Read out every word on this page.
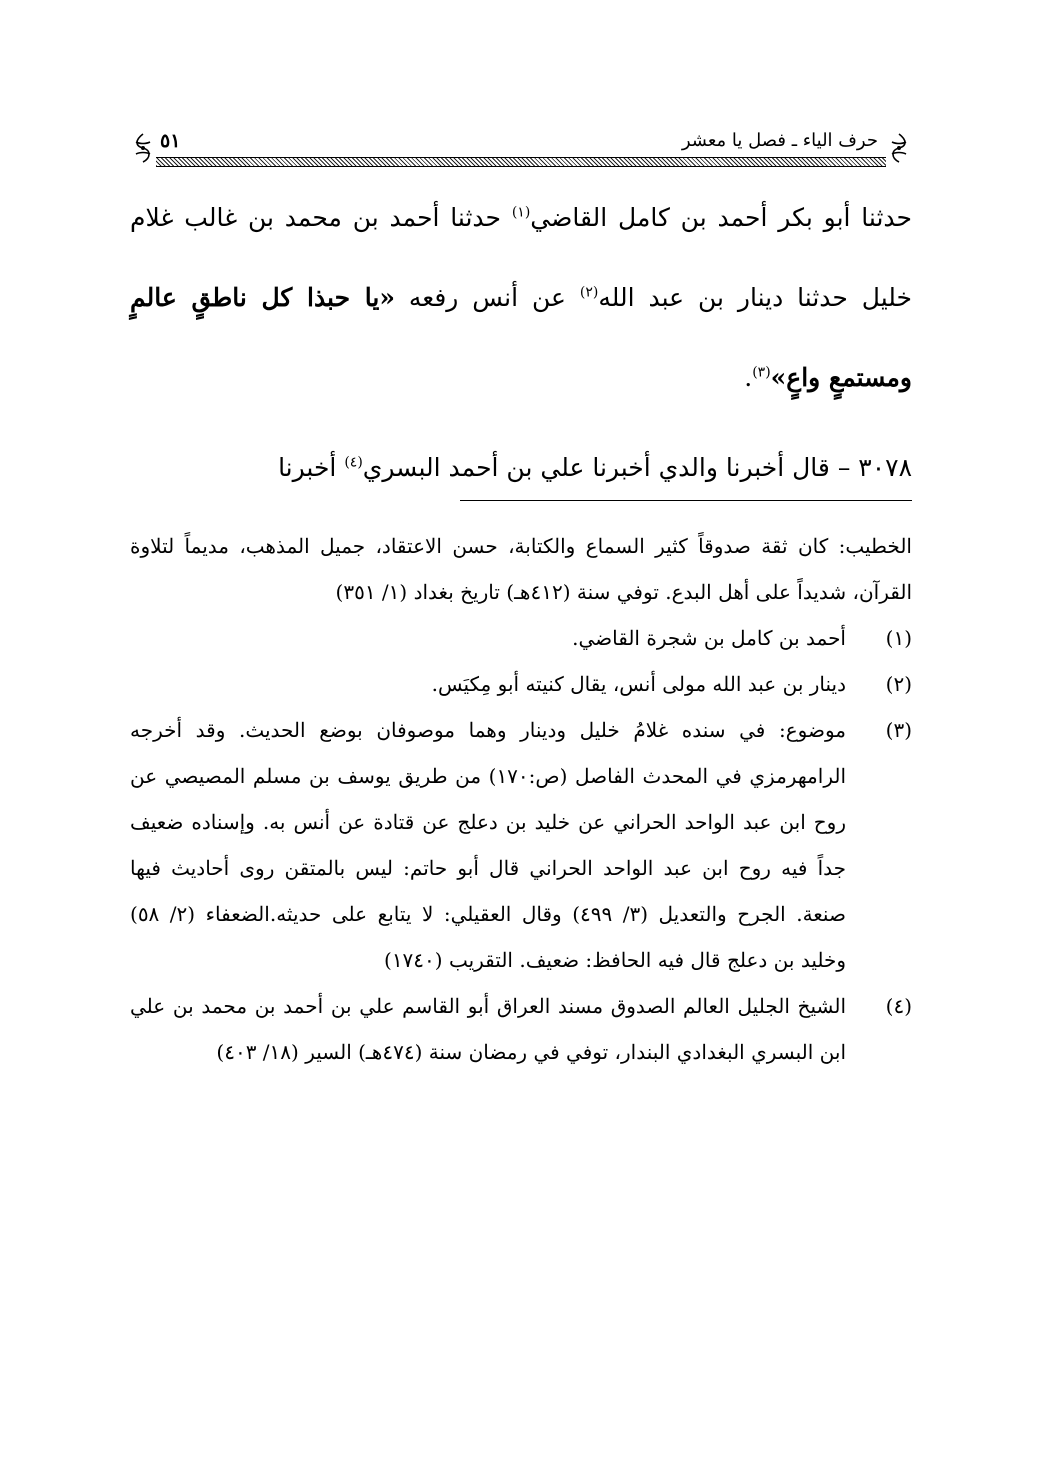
٥١	حرف الياء ـ فصل يا معشر

حدثنا أبو بكر أحمد بن كامل القاضي$^{(١)}$ حدثنا أحمد بن محمد بن غالب غلام خليل حدثنا دينار بن عبد الله$^{(٢)}$ عن أنس رفعه «يا حبذا كل ناطقٍ عالمٍ ومستمعٍ واعٍ»$^{(٣)}$.

٣٠٧٨ – قال أخبرنا والدي أخبرنا علي بن أحمد البسري$^{(٤)}$ أخبرنا

الخطيب: كان ثقة صدوقاً كثير السماع والكتابة، حسن الاعتقاد، جميل المذهب، مديماً لتلاوة القرآن، شديداً على أهل البدع. توفي سنة (٤١٢هـ) تاريخ بغداد (١/ ٣٥١)

(١)
أحمد بن كامل بن شجرة القاضي.

(٢)
دينار بن عبد الله مولى أنس، يقال كنيته أبو مِكيَس.

(٣)
موضوع: في سنده غلامُ خليل ودينار وهما موصوفان بوضع الحديث. وقد أخرجه الرامهرمزي في المحدث الفاصل (ص:١٧٠) من طريق يوسف بن مسلم المصيصي عن روح ابن عبد الواحد الحراني عن خليد بن دعلج عن قتادة عن أنس به. وإسناده ضعيف جداً فيه روح ابن عبد الواحد الحراني قال أبو حاتم: ليس بالمتقن روى أحاديث فيها صنعة. الجرح والتعديل (٣/ ٤٩٩) وقال العقيلي: لا يتابع على حديثه.الضعفاء (٢/ ٥٨) وخليد بن دعلج قال فيه الحافظ: ضعيف. التقريب (١٧٤٠)

(٤)
الشيخ الجليل العالم الصدوق مسند العراق أبو القاسم علي بن أحمد بن محمد بن علي ابن البسري البغدادي البندار، توفي في رمضان سنة (٤٧٤هـ) السير (١٨/ ٤٠٣)
